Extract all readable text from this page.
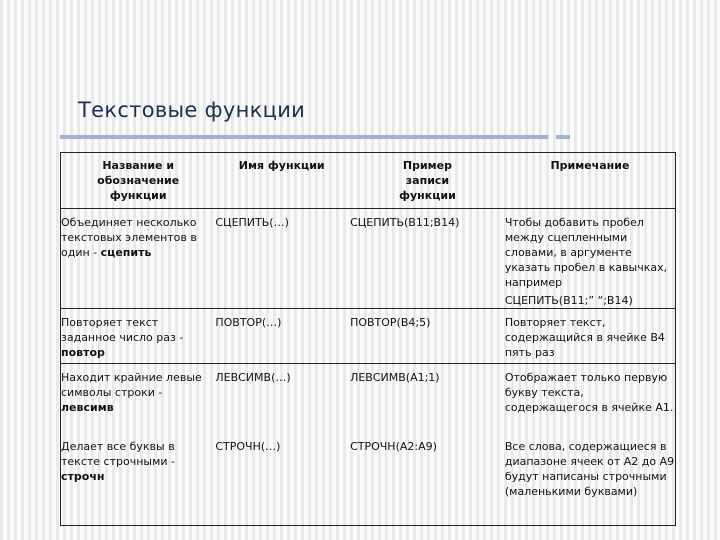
Текстовые функции
Название и обозначение функции	Имя функции	Пример записи функции	Примечание

Объединяет несколько текстовых элементов в один - сцепить	СЦЕПИТЬ(…)	СЦЕПИТЬ(В11;В14)	Чтобы добавить пробел между сцепленными словами, в аргументе указать пробел в кавычках, например
СЦЕПИТЬ(В11;” “;В14)

Повторяет текст заданное число раз - повтор	ПОВТОР(…)	ПОВТОР(В4;5)	Повторяет текст, содержащийся в ячейке В4 пять раз
Находит крайние левые символы строки - левсимв	ЛЕВСИМВ(…)	ЛЕВСИМВ(А1;1)	Отображает только первую букву текста, содержащегося в ячейке А1.
Делает все буквы в тексте строчными - строчн	СТРОЧН(…)	СТРОЧН(А2:А9)	Все слова, содержащиеся в диапазоне ячеек от А2 до А9 будут написаны строчными (маленькими буквами)
